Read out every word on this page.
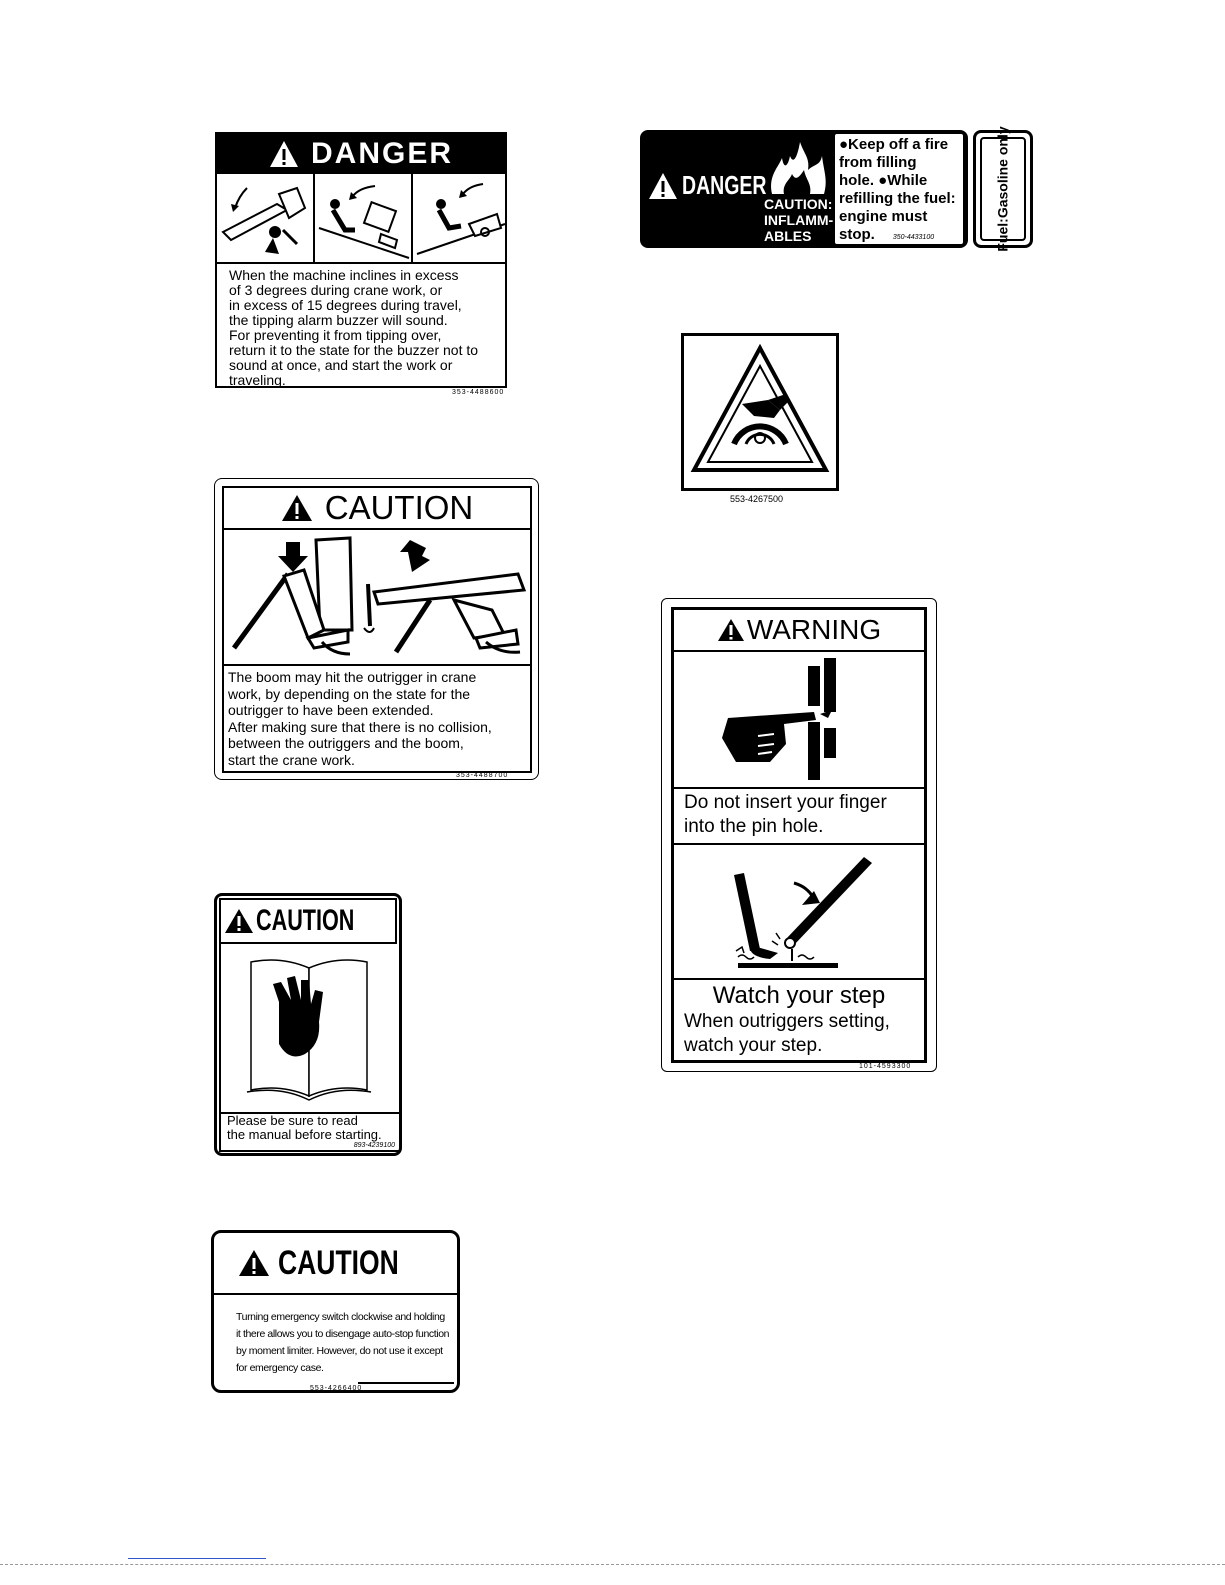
DANGER
When the machine inclines in excess
of 3 degrees during crane work, or
in excess of 15 degrees during travel,
the tipping alarm buzzer will sound.
For preventing it from tipping over,
return it to the state for the buzzer not to
sound at once, and start the work or
traveling.
353-4488600
DANGER
CAUTION:
INFLAMM-
ABLES
●Keep off a fire
from filling
hole. ●While
refilling the fuel:
engine must
stop.	350-4433100	Fuel:Gasoline only
553-4267500
CAUTION
The boom may hit the outrigger in crane
work, by depending on the state for the
outrigger to have been extended.
After making sure that there is no collision,
between the outriggers and the boom,
start the crane work.
353-4488700
WARNING
Do not insert your finger
into the pin hole.
Watch your step
When outriggers setting,
watch your step.
101-4593300
CAUTION
Please be sure to read
the manual before starting.
893-4239100
CAUTION
Turning emergency switch clockwise and holding
it there allows you to disengage auto-stop function
by moment limiter. However, do not use it except
for emergency case.
553-4266400
